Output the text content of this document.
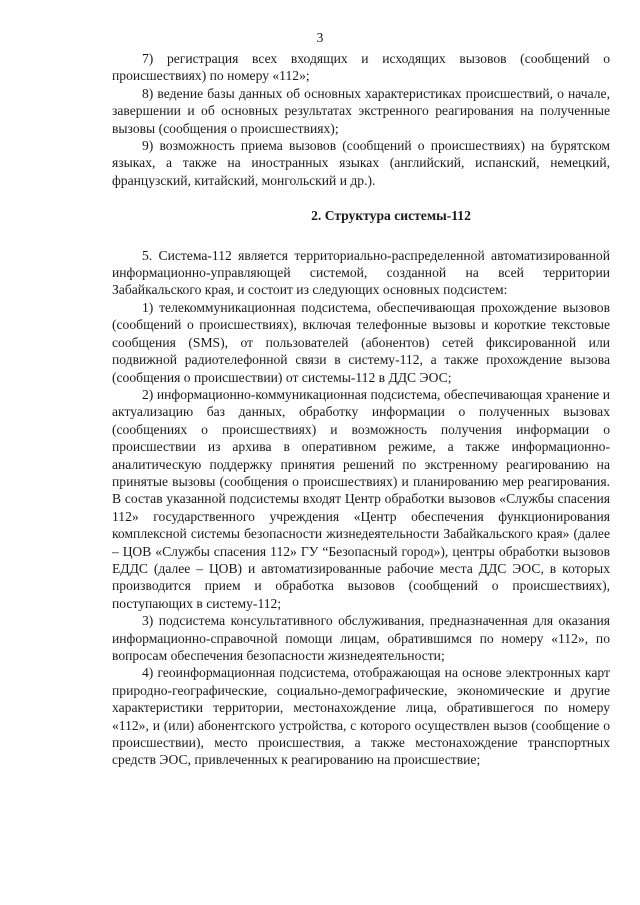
3

7) регистрация всех входящих и исходящих вызовов (сообщений о происшествиях) по номеру «112»;

8) ведение базы данных об основных характеристиках происшествий, о начале, завершении и об основных результатах экстренного реагирования на полученные вызовы (сообщения о происшествиях);

9) возможность приема вызовов (сообщений о происшествиях) на бурятском языках, а также на иностранных языках (английский, испанский, немецкий, французский, китайский, монгольский и др.).

2. Структура системы-112

5. Система-112 является территориально-распределенной автоматизированной информационно-управляющей системой, созданной на всей территории Забайкальского края, и состоит из следующих основных подсистем:

1) телекоммуникационная подсистема, обеспечивающая прохождение вызовов (сообщений о происшествиях), включая телефонные вызовы и короткие текстовые сообщения (SMS), от пользователей (абонентов) сетей фиксированной или подвижной радиотелефонной связи в систему-112, а также прохождение вызова (сообщения о происшествии) от системы-112 в ДДС ЭОС;

2) информационно-коммуникационная подсистема, обеспечивающая хранение и актуализацию баз данных, обработку информации о полученных вызовах (сообщениях о происшествиях) и возможность получения информации о происшествии из архива в оперативном режиме, а также информационно-аналитическую поддержку принятия решений по экстренному реагированию на принятые вызовы (сообщения о происшествиях) и планированию мер реагирования. В состав указанной подсистемы входят Центр обработки вызовов «Службы спасения 112» государственного учреждения «Центр обеспечения функционирования комплексной системы безопасности жизнедеятельности Забайкальского края» (далее – ЦОВ «Службы спасения 112» ГУ “Безопасный город»), центры обработки вызовов ЕДДС (далее – ЦОВ) и автоматизированные рабочие места ДДС ЭОС, в которых производится прием и обработка вызовов (сообщений о происшествиях), поступающих в систему-112;

3) подсистема консультативного обслуживания, предназначенная для оказания информационно-справочной помощи лицам, обратившимся по номеру «112», по вопросам обеспечения безопасности жизнедеятельности;

4) геоинформационная подсистема, отображающая на основе электронных карт природно-географические, социально-демографические, экономические и другие характеристики территории, местонахождение лица, обратившегося по номеру «112», и (или) абонентского устройства, с которого осуществлен вызов (сообщение о происшествии), место происшествия, а также местонахождение транспортных средств ЭОС, привлеченных к реагированию на происшествие;
